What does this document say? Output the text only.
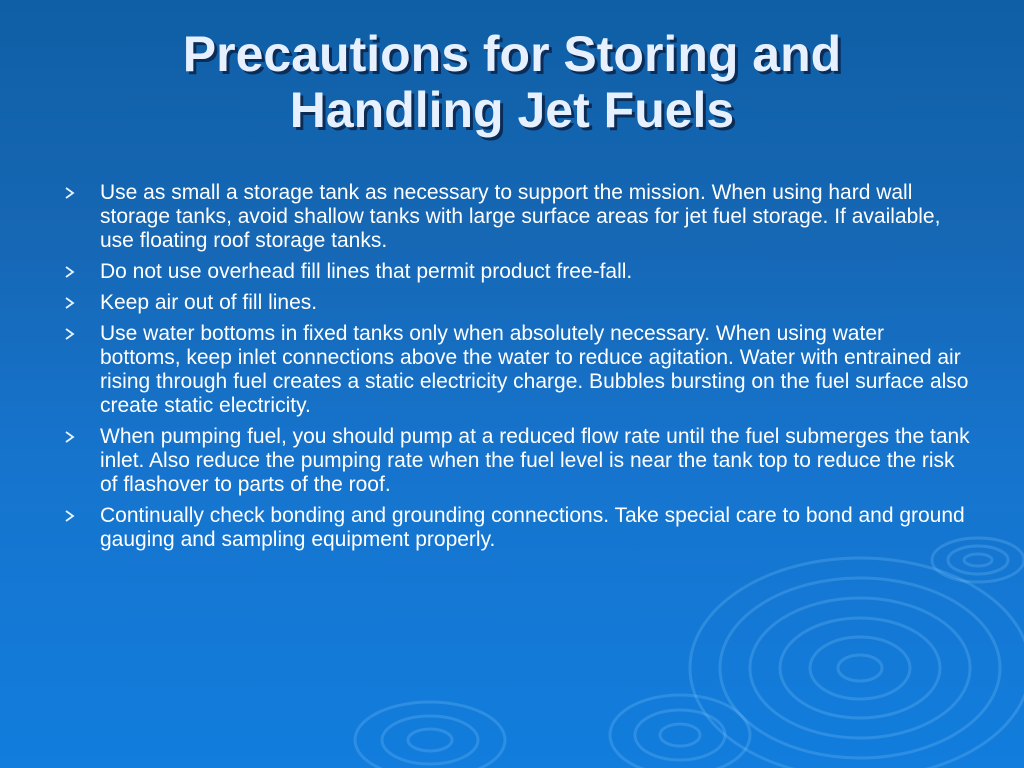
Precautions for Storing and
Handling Jet Fuels
Use as small a storage tank as necessary to support the mission. When using hard wall storage tanks, avoid shallow tanks with large surface areas for jet fuel storage. If available, use floating roof storage tanks.
Do not use overhead fill lines that permit product free-fall.
Keep air out of fill lines.
Use water bottoms in fixed tanks only when absolutely necessary. When using water bottoms, keep inlet connections above the water to reduce agitation. Water with entrained air rising through fuel creates a static electricity charge. Bubbles bursting on the fuel surface also create static electricity.
When pumping fuel, you should pump at a reduced flow rate until the fuel submerges the tank inlet. Also reduce the pumping rate when the fuel level is near the tank top to reduce the risk of flashover to parts of the roof.
Continually check bonding and grounding connections. Take special care to bond and ground gauging and sampling equipment properly.
